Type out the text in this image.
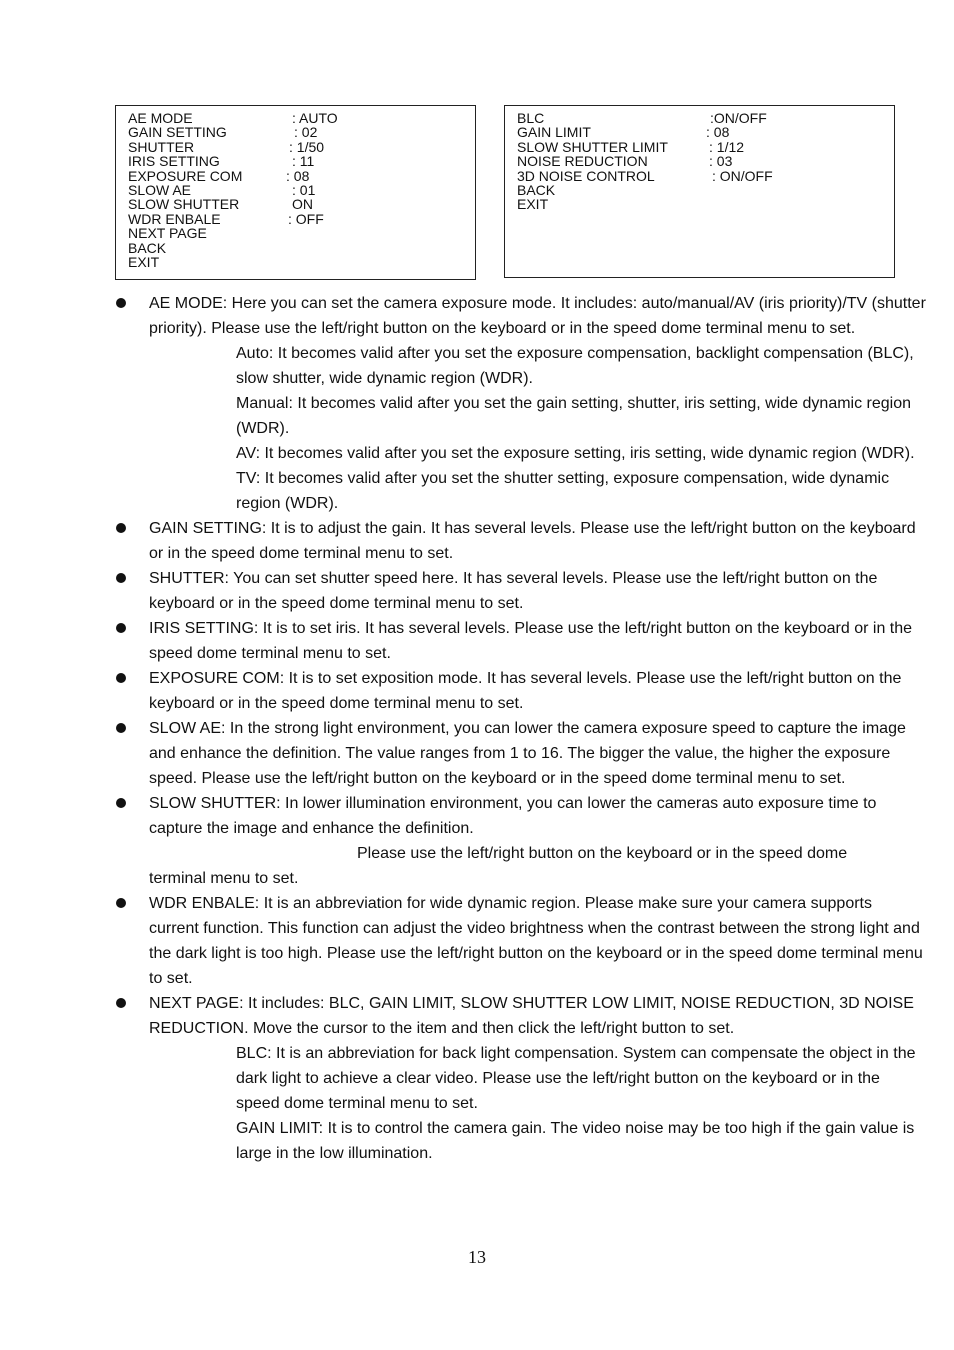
AE MODE	: AUTO
GAIN SETTING	: 02
SHUTTER	: 1/50
IRIS SETTING	: 11
EXPOSURE COM	: 08
SLOW AE	: 01
SLOW SHUTTER	ON
WDR ENBALE	: OFF
NEXT PAGE
BACK
EXIT
BLC	:ON/OFF
GAIN LIMIT	: 08
SLOW SHUTTER LIMIT	: 1/12
NOISE REDUCTION	: 03
3D NOISE CONTROL	: ON/OFF
BACK
EXIT

AE MODE: Here you can set the camera exposure mode. It includes: auto/manual/AV (iris priority)/TV (shutter priority). Please use the left/right button on the keyboard or in the speed dome terminal menu to set.

Auto: It becomes valid after you set the exposure compensation, backlight compensation (BLC), slow shutter, wide dynamic region (WDR).

Manual: It becomes valid after you set the gain setting, shutter, iris setting, wide dynamic region (WDR).

AV: It becomes valid after you set the exposure setting, iris setting, wide dynamic region (WDR).

TV: It becomes valid after you set the shutter setting, exposure compensation, wide dynamic region (WDR).

GAIN SETTING: It is to adjust the gain. It has several levels. Please use the left/right button on the keyboard or in the speed dome terminal menu to set.

SHUTTER: You can set shutter speed here. It has several levels. Please use the left/right button on the keyboard or in the speed dome terminal menu to set.

IRIS SETTING: It is to set iris. It has several levels. Please use the left/right button on the keyboard or in the speed dome terminal menu to set.

EXPOSURE COM: It is to set exposition mode. It has several levels. Please use the left/right button on the keyboard or in the speed dome terminal menu to set.

SLOW AE: In the strong light environment, you can lower the camera exposure speed to capture the image and enhance the definition. The value ranges from 1 to 16. The bigger the value, the higher the exposure speed. Please use the left/right button on the keyboard or in the speed dome terminal menu to set.

SLOW SHUTTER: In lower illumination environment, you can lower the cameras auto exposure time to capture the image and enhance the definition.

Please use the left/right button on the keyboard or in the speed dome

terminal menu to set.

WDR ENBALE: It is an abbreviation for wide dynamic region. Please make sure your camera supports current function. This function can adjust the video brightness when the contrast between the strong light and the dark light is too high. Please use the left/right button on the keyboard or in the speed dome terminal menu to set.

NEXT PAGE: It includes: BLC, GAIN LIMIT, SLOW SHUTTER LOW LIMIT, NOISE REDUCTION, 3D NOISE REDUCTION. Move the cursor to the item and then click the left/right button to set.

BLC: It is an abbreviation for back light compensation. System can compensate the object in the dark light to achieve a clear video. Please use the left/right button on the keyboard or in the speed dome terminal menu to set.

GAIN LIMIT: It is to control the camera gain. The video noise may be too high if the gain value is large in the low illumination.

13
